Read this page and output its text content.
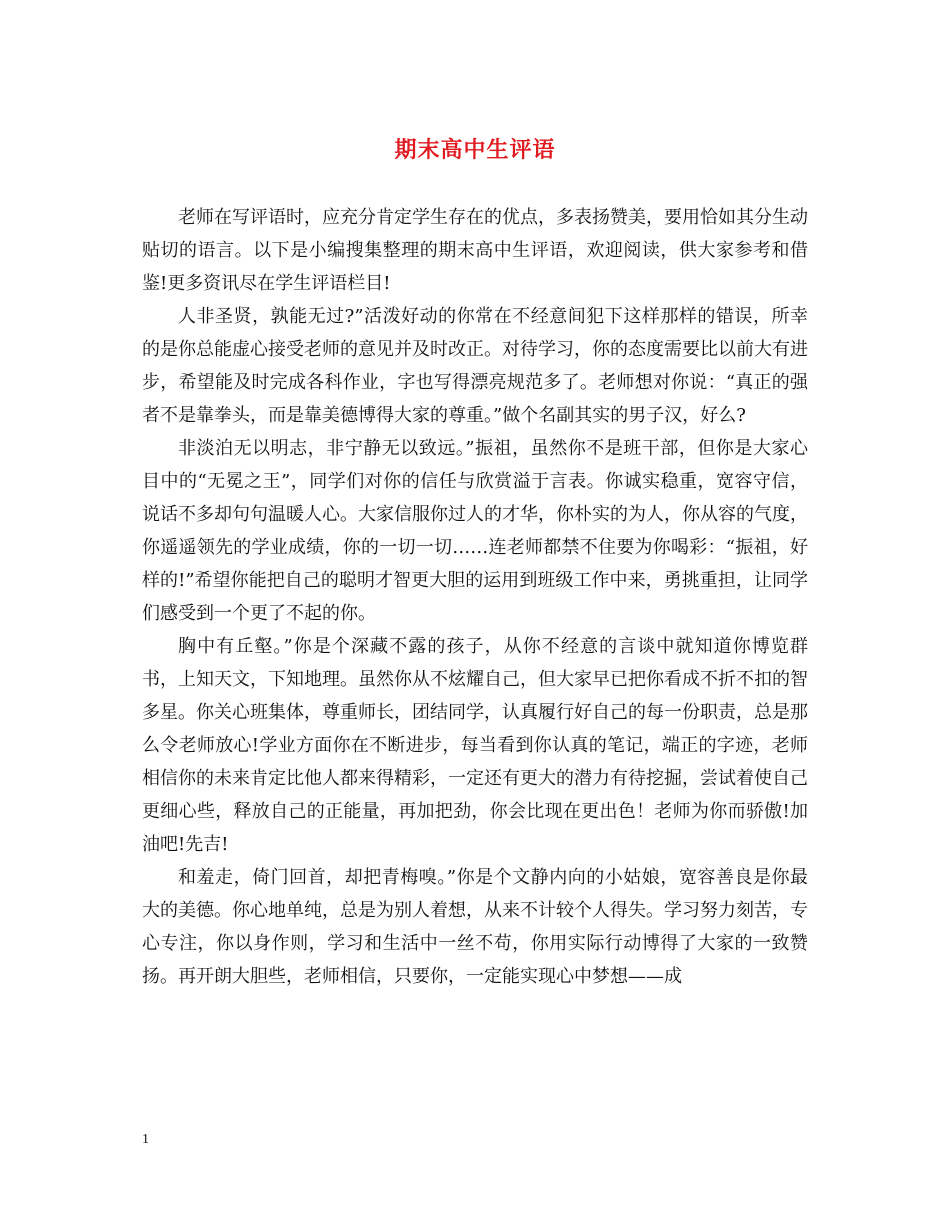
期末高中生评语

老师在写评语时，应充分肯定学生存在的优点，多表扬赞美，要用恰如其分生动贴切的语言。以下是小编搜集整理的期末高中生评语，欢迎阅读，供大家参考和借鉴!更多资讯尽在学生评语栏目!

人非圣贤，孰能无过?”活泼好动的你常在不经意间犯下这样那样的错误，所幸的是你总能虚心接受老师的意见并及时改正。对待学习，你的态度需要比以前大有进步，希望能及时完成各科作业，字也写得漂亮规范多了。老师想对你说：“真正的强者不是靠拳头，而是靠美德博得大家的尊重。”做个名副其实的男子汉，好么?

非淡泊无以明志，非宁静无以致远。”振祖，虽然你不是班干部，但你是大家心目中的“无冕之王”，同学们对你的信任与欣赏溢于言表。你诚实稳重，宽容守信，说话不多却句句温暖人心。大家信服你过人的才华，你朴实的为人，你从容的气度，你遥遥领先的学业成绩，你的一切一切……连老师都禁不住要为你喝彩：“振祖，好样的!”希望你能把自己的聪明才智更大胆的运用到班级工作中来，勇挑重担，让同学们感受到一个更了不起的你。

胸中有丘壑。”你是个深藏不露的孩子，从你不经意的言谈中就知道你博览群书，上知天文，下知地理。虽然你从不炫耀自己，但大家早已把你看成不折不扣的智多星。你关心班集体，尊重师长，团结同学，认真履行好自己的每一份职责，总是那么令老师放心!学业方面你在不断进步，每当看到你认真的笔记，端正的字迹，老师相信你的未来肯定比他人都来得精彩，一定还有更大的潜力有待挖掘，尝试着使自己更细心些，释放自己的正能量，再加把劲，你会比现在更出色！老师为你而骄傲!加油吧!先吉!

和羞走，倚门回首，却把青梅嗅。”你是个文静内向的小姑娘，宽容善良是你最大的美德。你心地单纯，总是为别人着想，从来不计较个人得失。学习努力刻苦，专心专注，你以身作则，学习和生活中一丝不苟，你用实际行动博得了大家的一致赞扬。再开朗大胆些，老师相信，只要你，一定能实现心中梦想——成

1
